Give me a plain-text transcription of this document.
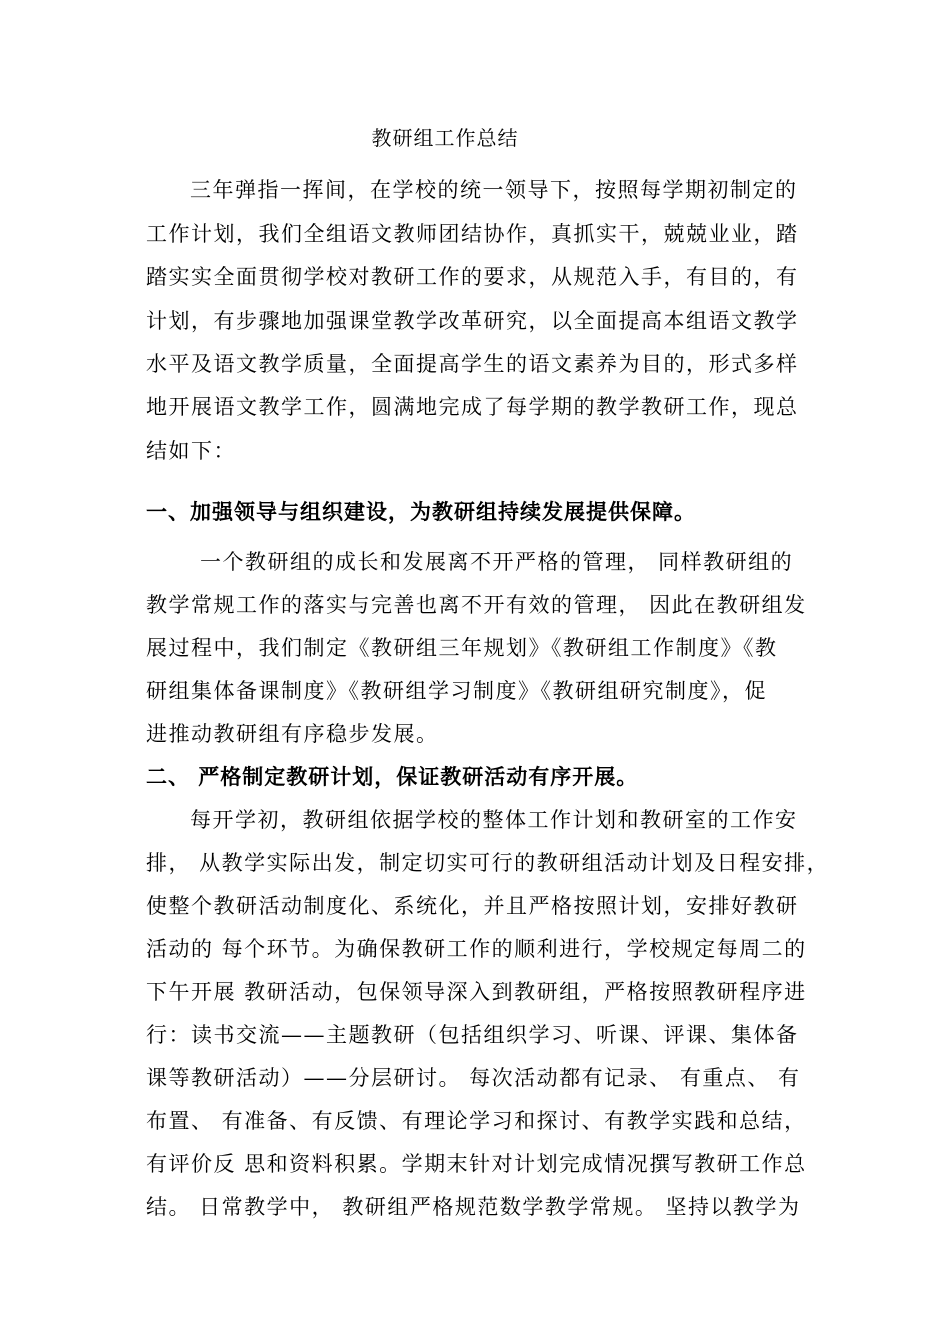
教研组工作总结
三年弹指一挥间，在学校的统一领导下，按照每学期初制定的
工作计划，我们全组语文教师团结协作，真抓实干，兢兢业业，踏
踏实实全面贯彻学校对教研工作的要求，从规范入手，有目的，有
计划，有步骤地加强课堂教学改革研究，以全面提高本组语文教学
水平及语文教学质量，全面提高学生的语文素养为目的，形式多样
地开展语文教学工作，圆满地完成了每学期的教学教研工作，现总
结如下：
一、加强领导与组织建设，为教研组持续发展提供保障。
一个教研组的成长和发展离不开严格的管理， 同样教研组的
教学常规工作的落实与完善也离不开有效的管理， 因此在教研组发
展过程中，我们制定《教研组三年规划》《教研组工作制度》《教
研组集体备课制度》《教研组学习制度》《教研组研究制度》，促
进推动教研组有序稳步发展。
二、 严格制定教研计划，保证教研活动有序开展。
每开学初，教研组依据学校的整体工作计划和教研室的工作安
排， 从教学实际出发，制定切实可行的教研组活动计划及日程安排，
使整个教研活动制度化、系统化，并且严格按照计划，安排好教研
活动的 每个环节。为确保教研工作的顺利进行，学校规定每周二的
下午开展 教研活动，包保领导深入到教研组，严格按照教研程序进
行：读书交流——主题教研（包括组织学习、听课、评课、集体备
课等教研活动）——分层研讨。 每次活动都有记录、 有重点、 有
布置、 有准备、有反馈、有理论学习和探讨、有教学实践和总结，
有评价反 思和资料积累。学期末针对计划完成情况撰写教研工作总
结。 日常教学中， 教研组严格规范数学教学常规。 坚持以教学为
